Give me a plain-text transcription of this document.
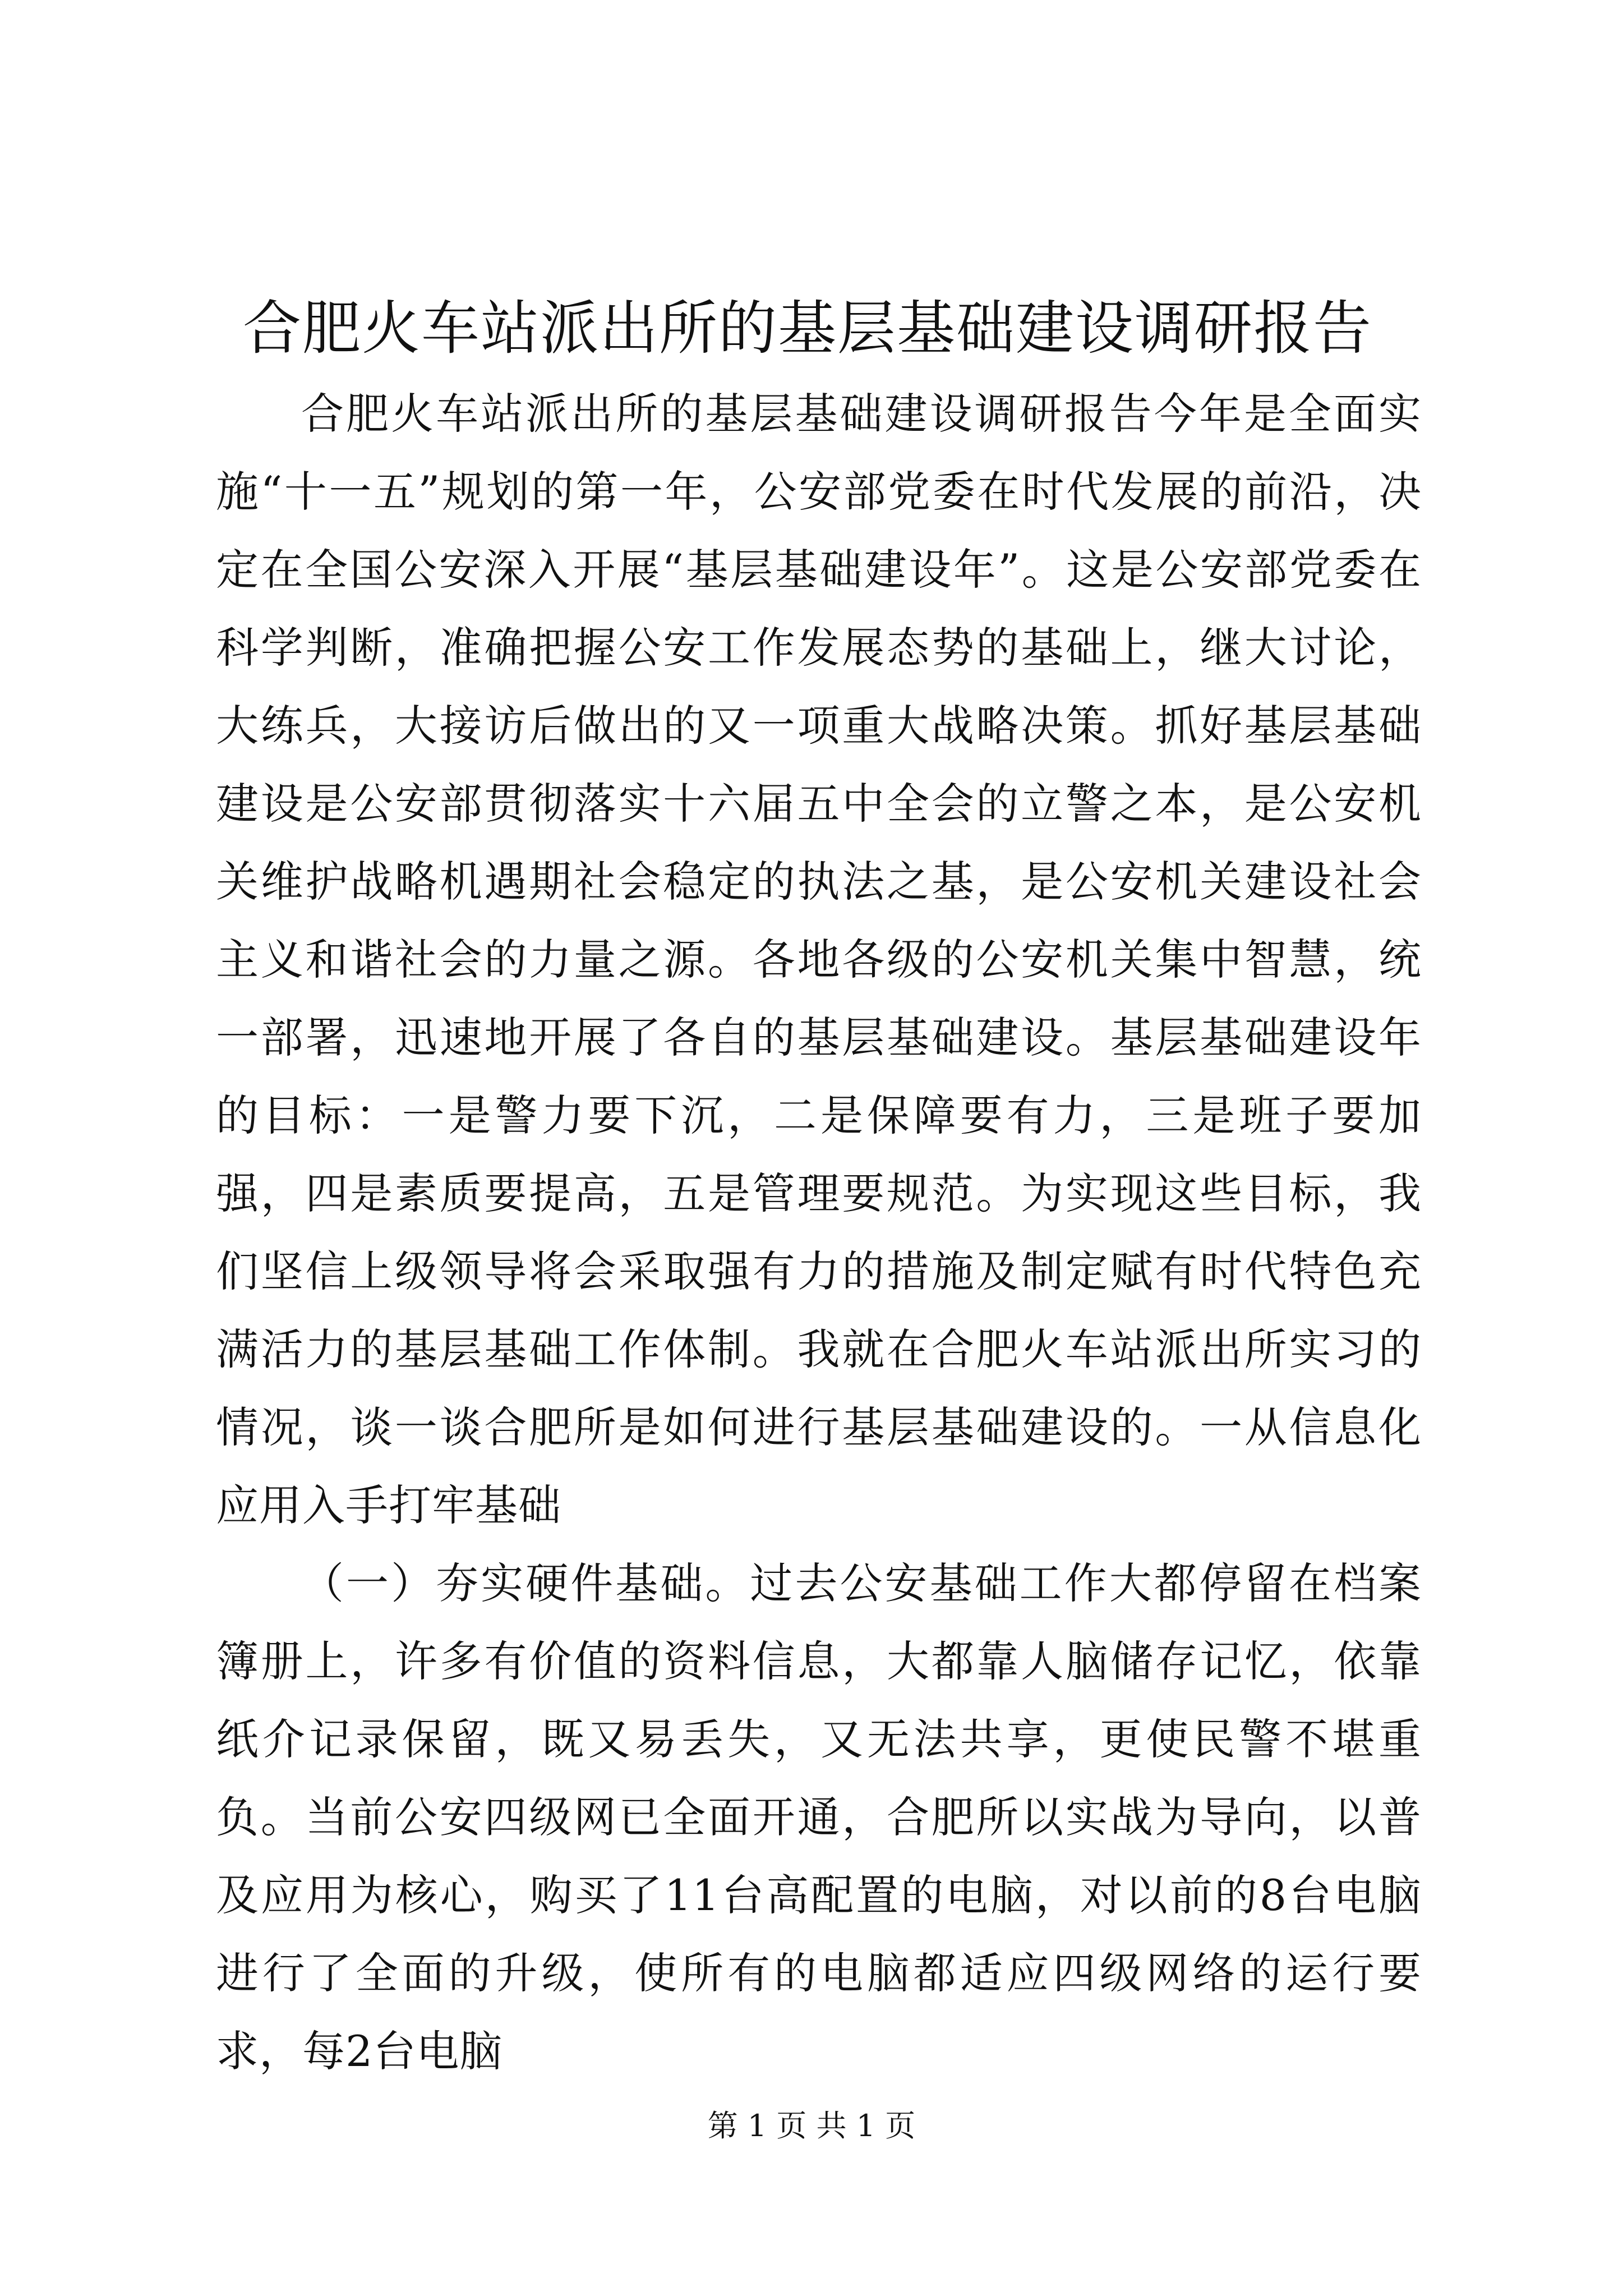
合肥火车站派出所的基层基础建设调研报告

合肥火车站派出所的基层基础建设调研报告今年是全面实施“十一五”规划的第一年，公安部党委在时代发展的前沿，决定在全国公安深入开展“基层基础建设年”。这是公安部党委在科学判断，准确把握公安工作发展态势的基础上，继大讨论，大练兵，大接访后做出的又一项重大战略决策。抓好基层基础建设是公安部贯彻落实十六届五中全会的立警之本，是公安机关维护战略机遇期社会稳定的执法之基，是公安机关建设社会主义和谐社会的力量之源。各地各级的公安机关集中智慧，统一部署，迅速地开展了各自的基层基础建设。基层基础建设年的目标：一是警力要下沉，二是保障要有力，三是班子要加强，四是素质要提高，五是管理要规范。为实现这些目标，我们坚信上级领导将会采取强有力的措施及制定赋有时代特色充满活力的基层基础工作体制。我就在合肥火车站派出所实习的情况，谈一谈合肥所是如何进行基层基础建设的。一从信息化应用入手打牢基础

（一）夯实硬件基础。过去公安基础工作大都停留在档案簿册上，许多有价值的资料信息，大都靠人脑储存记忆，依靠纸介记录保留，既又易丢失，又无法共享，更使民警不堪重负。当前公安四级网已全面开通，合肥所以实战为导向，以普及应用为核心，购买了11台高配置的电脑，对以前的8台电脑进行了全面的升级，使所有的电脑都适应四级网络的运行要求，每2台电脑

第 1 页 共 1 页
